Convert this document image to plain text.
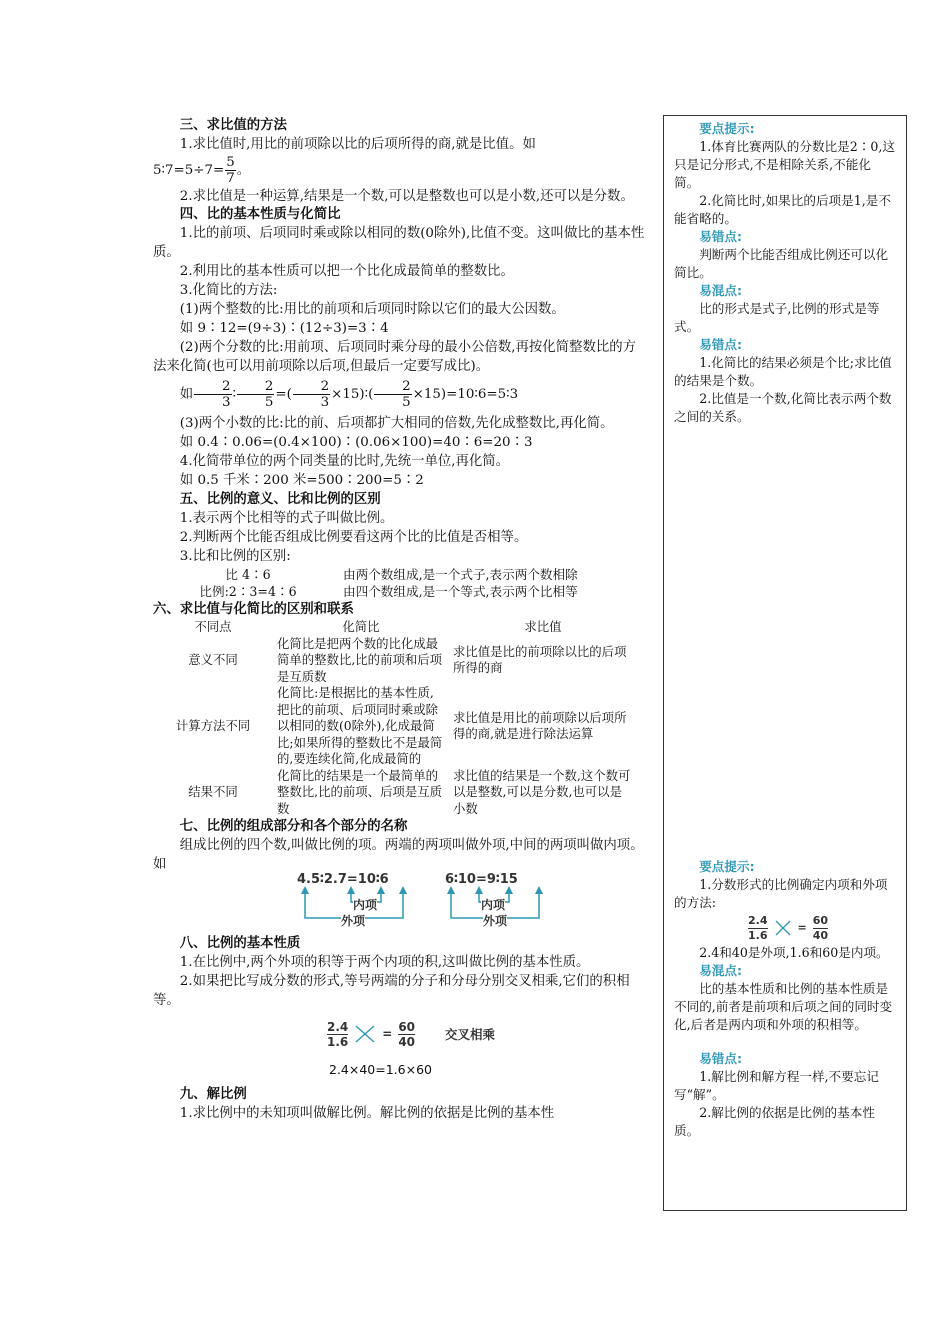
三、求比值的方法

1.求比值时,用比的前项除以比的后项所得的商,就是比值。如

5∶7=5÷7= $\frac{5}{7}$ 。

2.求比值是一种运算,结果是一个数,可以是整数也可以是小数,还可以是分数。

四、比的基本性质与化简比

1.比的前项、后项同时乘或除以相同的数(0除外),比值不变。这叫做比的基本性质。

2.利用比的基本性质可以把一个比化成最简单的整数比。

3.化简比的方法:

(1)两个整数的比:用比的前项和后项同时除以它们的最大公因数。

如 9∶12=(9÷3)∶(12÷3)=3∶4

(2)两个分数的比:用前项、后项同时乘分母的最小公倍数,再按化简整数比的方法来化简(也可以用前项除以后项,但最后一定要写成比)。

如 $\frac{2}{3}$ ∶ $\frac{2}{5}$ =( $\frac{2}{3}$ ×15)∶( $\frac{2}{5}$ ×15)=10∶6=5∶3

(3)两个小数的比:比的前、后项都扩大相同的倍数,先化成整数比,再化简。

如 0.4∶0.06=(0.4×100)∶(0.06×100)=40∶6=20∶3

4.化简带单位的两个同类量的比时,先统一单位,再化简。

如 0.5 千米∶200 米=500∶200=5∶2

五、比例的意义、比和比例的区别

1.表示两个比相等的式子叫做比例。

2.判断两个比能否组成比例要看这两个比的比值是否相等。

3.比和比例的区别:

比 4∶6	由两个数组成,是一个式子,表示两个数相除
比例:2∶3=4∶6	由四个数组成,是一个等式,表示两个比相等

六、求比值与化简比的区别和联系

不同点	化简比	求比值
意义不同	化简比是把两个数的比化成最简单的整数比,比的前项和后项是互质数	求比值是比的前项除以比的后项所得的商
计算方法不同	化简比:是根据比的基本性质,把比的前项、后项同时乘或除以相同的数(0除外),化成最简比;如果所得的整数比不是最简的,要连续化简,化成最简的	求比值是用比的前项除以后项所得的商,就是进行除法运算
结果不同	化简比的结果是一个最简单的整数比,比的前项、后项是互质数	求比值的结果是一个数,这个数可以是整数,可以是分数,也可以是小数

七、比例的组成部分和各个部分的名称

组成比例的四个数,叫做比例的项。两端的两项叫做外项,中间的两项叫做内项。如

4.5∶2.7=10∶6	6∶10=9∶15
内项	内项
外项	外项

八、比例的基本性质

1.在比例中,两个外项的积等于两个内项的积,这叫做比例的基本性质。

2.如果把比写成分数的形式,等号两端的分子和分母分别交叉相乘,它们的积相等。

2.4
1.6
= $\frac{60}{40}$ 交叉相乘

2.4×40=1.6×60

九、解比例

1.求比例中的未知项叫做解比例。解比例的依据是比例的基本性

要点提示:

1.体育比赛两队的分数比是2∶0,这只是记分形式,不是相除关系,不能化简。

2.化简比时,如果比的后项是1,是不能省略的。

易错点:

判断两个比能否组成比例还可以化简比。

易混点:

比的形式是式子,比例的形式是等式。

易错点:

1.化简比的结果必须是个比;求比值的结果是个数。

2.比值是一个数,化简比表示两个数之间的关系。

要点提示:

1.分数形式的比例确定内项和外项的方法:

2.4
1.6
= $\frac{60}{40}$

2.4和40是外项,1.6和60是内项。

易混点:

比的基本性质和比例的基本性质是不同的,前者是前项和后项之间的同时变化,后者是两内项和外项的积相等。

易错点:

1.解比例和解方程一样,不要忘记写“解”。

2.解比例的依据是比例的基本性质。
